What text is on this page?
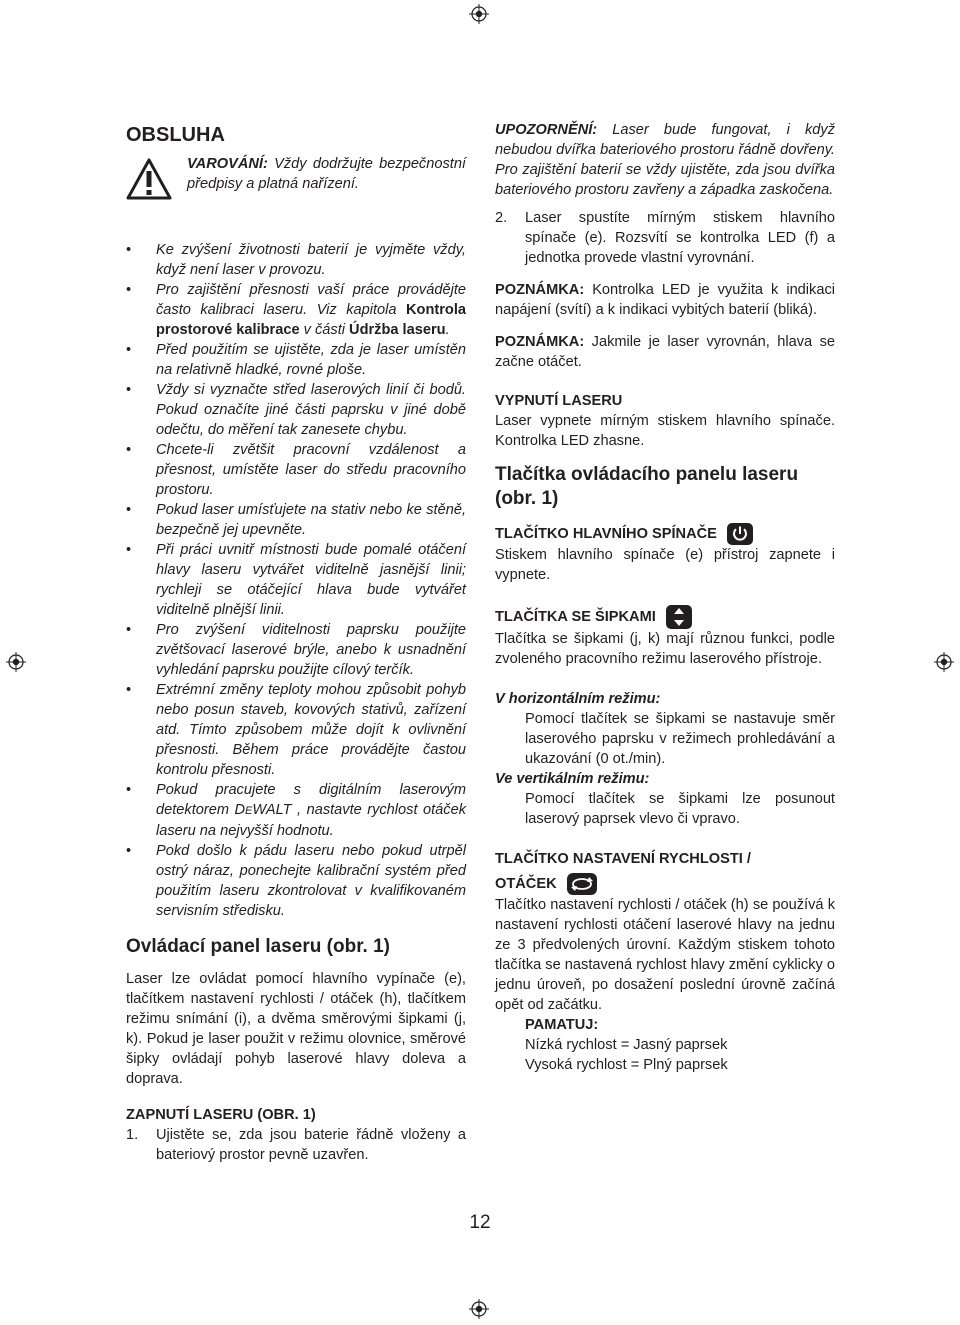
OBSLUHA
VAROVÁNÍ: Vždy dodržujte bezpečnostní předpisy a platná nařízení.
• Ke zvýšení životnosti baterií je vyjměte vždy, když není laser v provozu.
• Pro zajištění přesnosti vaší práce provádějte často kalibraci laseru. Viz kapitola Kontrola prostorové kalibrace v části Údržba laseru.
• Před použitím se ujistěte, zda je laser umístěn na relativně hladké, rovné ploše.
• Vždy si vyznačte střed laserových linií či bodů. Pokud označíte jiné části paprsku v jiné době odečtu, do měření tak zanesete chybu.
• Chcete-li zvětšit pracovní vzdálenost a přesnost, umístěte laser do středu pracovního prostoru.
• Pokud laser umísťujete na stativ nebo ke stěně, bezpečně jej upevněte.
• Při práci uvnitř místnosti bude pomalé otáčení hlavy laseru vytvářet viditelně jasnější linii; rychleji se otáčející hlava bude vytvářet viditelně plnější linii.
• Pro zvýšení viditelnosti paprsku použijte zvětšovací laserové brýle, anebo k usnadnění vyhledání paprsku použijte cílový terčík.
• Extrémní změny teploty mohou způsobit pohyb nebo posun staveb, kovových stativů, zařízení atd. Tímto způsobem může dojít k ovlivnění přesnosti. Během práce provádějte častou kontrolu přesnosti.
• Pokud pracujete s digitálním laserovým detektorem DEWALT , nastavte rychlost otáček laseru na nejvyšší hodnotu.
• Pokd došlo k pádu laseru nebo pokud utrpěl ostrý náraz, ponechejte kalibrační systém před použitím laseru zkontrolovat v kvalifikovaném servisním středisku.
Ovládací panel laseru (obr. 1)

Laser lze ovládat pomocí hlavního vypínače (e), tlačítkem nastavení rychlosti / otáček (h), tlačítkem režimu snímání (i), a dvěma směrovými šipkami (j, k). Pokud je laser použit v režimu olovnice, směrové šipky ovládají pohyb laserové hlavy doleva a doprava.

ZAPNUTÍ LASERU (OBR. 1)
1. Ujistěte se, zda jsou baterie řádně vloženy a bateriový prostor pevně uzavřen.
UPOZORNĚNÍ: Laser bude fungovat, i když nebudou dvířka bateriového prostoru řádně dovřeny. Pro zajištění baterií se vždy ujistěte, zda jsou dvířka bateriového prostoru zavřeny a západka zaskočena.
2. Laser spustíte mírným stiskem hlavního spínače (e). Rozsvítí se kontrolka LED (f) a jednotka provede vlastní vyrovnání.

POZNÁMKA: Kontrolka LED je využita k indikaci napájení (svítí) a k indikaci vybitých baterií (bliká).

POZNÁMKA: Jakmile je laser vyrovnán, hlava se začne otáčet.

VYPNUTÍ LASERU

Laser vypnete mírným stiskem hlavního spínače. Kontrolka LED zhasne.

Tlačítka ovládacího panelu laseru (obr. 1)
TLAČÍTKO HLAVNÍHO SPÍNAČE

Stiskem hlavního spínače (e) přístroj zapnete i vypnete.

TLAČÍTKA SE ŠIPKAMI

Tlačítka se šipkami (j, k) mají různou funkci, podle zvoleného pracovního režimu laserového přístroje.

V horizontálním režimu:
Pomocí tlačítek se šipkami se nastavuje směr laserového paprsku v režimech prohledávání a ukazování (0 ot./min).
Ve vertikálním režimu:
Pomocí tlačítek se šipkami lze posunout laserový paprsek vlevo či vpravo.
TLAČÍTKO NASTAVENÍ RYCHLOSTI /
OTÁČEK

Tlačítko nastavení rychlosti / otáček (h) se používá k nastavení rychlosti otáčení laserové hlavy na jednu ze 3 předvolených úrovní. Každým stiskem tohoto tlačítka se nastavená rychlost hlavy změní cyklicky o jednu úroveň, po dosažení poslední úrovně začíná opět od začátku.

PAMATUJ:
Nízká rychlost = Jasný paprsek
Vysoká rychlost = Plný paprsek
12
